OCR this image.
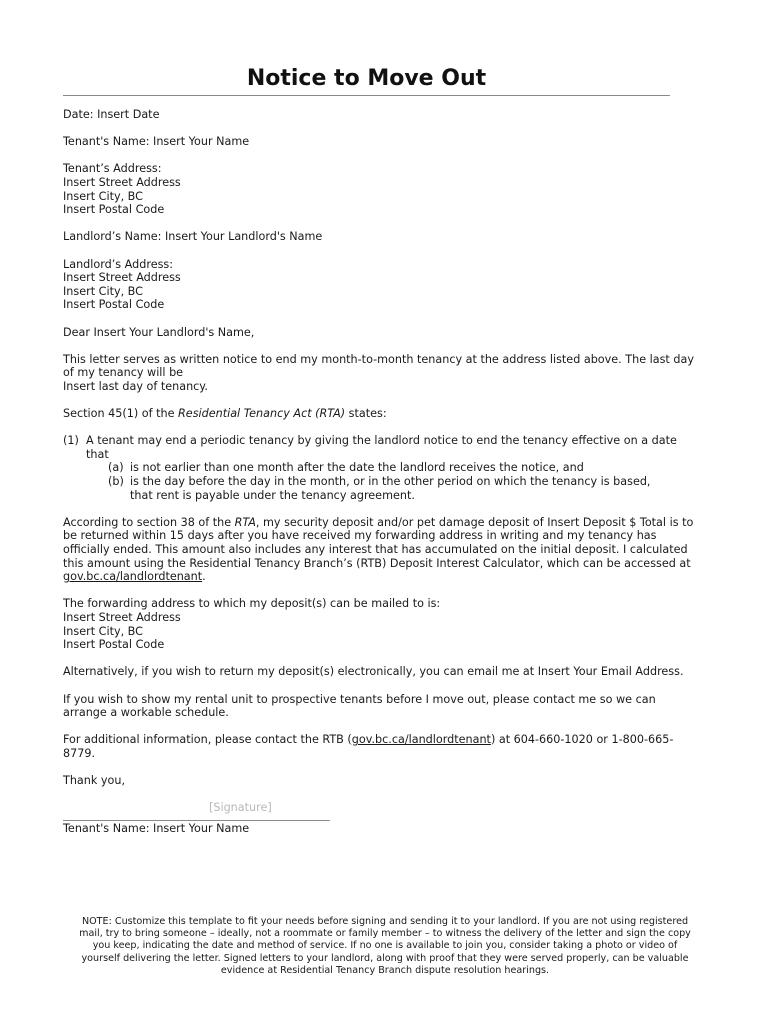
Notice to Move Out

Date: Insert Date

Tenant's Name: Insert Your Name

Tenant’s Address:
Insert Street Address
Insert City, BC
Insert Postal Code

Landlord’s Name: Insert Your Landlord's Name

Landlord’s Address:
Insert Street Address
Insert City, BC
Insert Postal Code

Dear Insert Your Landlord's Name,

This letter serves as written notice to end my month-to-month tenancy at the address listed above. The last day
of my tenancy will be
Insert last day of tenancy.

Section 45(1) of the Residential Tenancy Act (RTA) states:

(1) A tenant may end a periodic tenancy by giving the landlord notice to end the tenancy effective on a date
that
(a) is not earlier than one month after the date the landlord receives the notice, and
(b) is the day before the day in the month, or in the other period on which the tenancy is based,
that rent is payable under the tenancy agreement.

According to section 38 of the RTA, my security deposit and/or pet damage deposit of Insert Deposit $ Total is to
be returned within 15 days after you have received my forwarding address in writing and my tenancy has
officially ended. This amount also includes any interest that has accumulated on the initial deposit. I calculated
this amount using the Residential Tenancy Branch’s (RTB) Deposit Interest Calculator, which can be accessed at
gov.bc.ca/landlordtenant.

The forwarding address to which my deposit(s) can be mailed to is:
Insert Street Address
Insert City, BC
Insert Postal Code

Alternatively, if you wish to return my deposit(s) electronically, you can email me at Insert Your Email Address.

If you wish to show my rental unit to prospective tenants before I move out, please contact me so we can
arrange a workable schedule.

For additional information, please contact the RTB (gov.bc.ca/landlordtenant) at 604-660-1020 or 1-800-665-
8779.

Thank you,

[Signature]
Tenant's Name: Insert Your Name
NOTE: Customize this template to fit your needs before signing and sending it to your landlord. If you are not using registered
mail, try to bring someone – ideally, not a roommate or family member – to witness the delivery of the letter and sign the copy
you keep, indicating the date and method of service. If no one is available to join you, consider taking a photo or video of
yourself delivering the letter. Signed letters to your landlord, along with proof that they were served properly, can be valuable
evidence at Residential Tenancy Branch dispute resolution hearings.
